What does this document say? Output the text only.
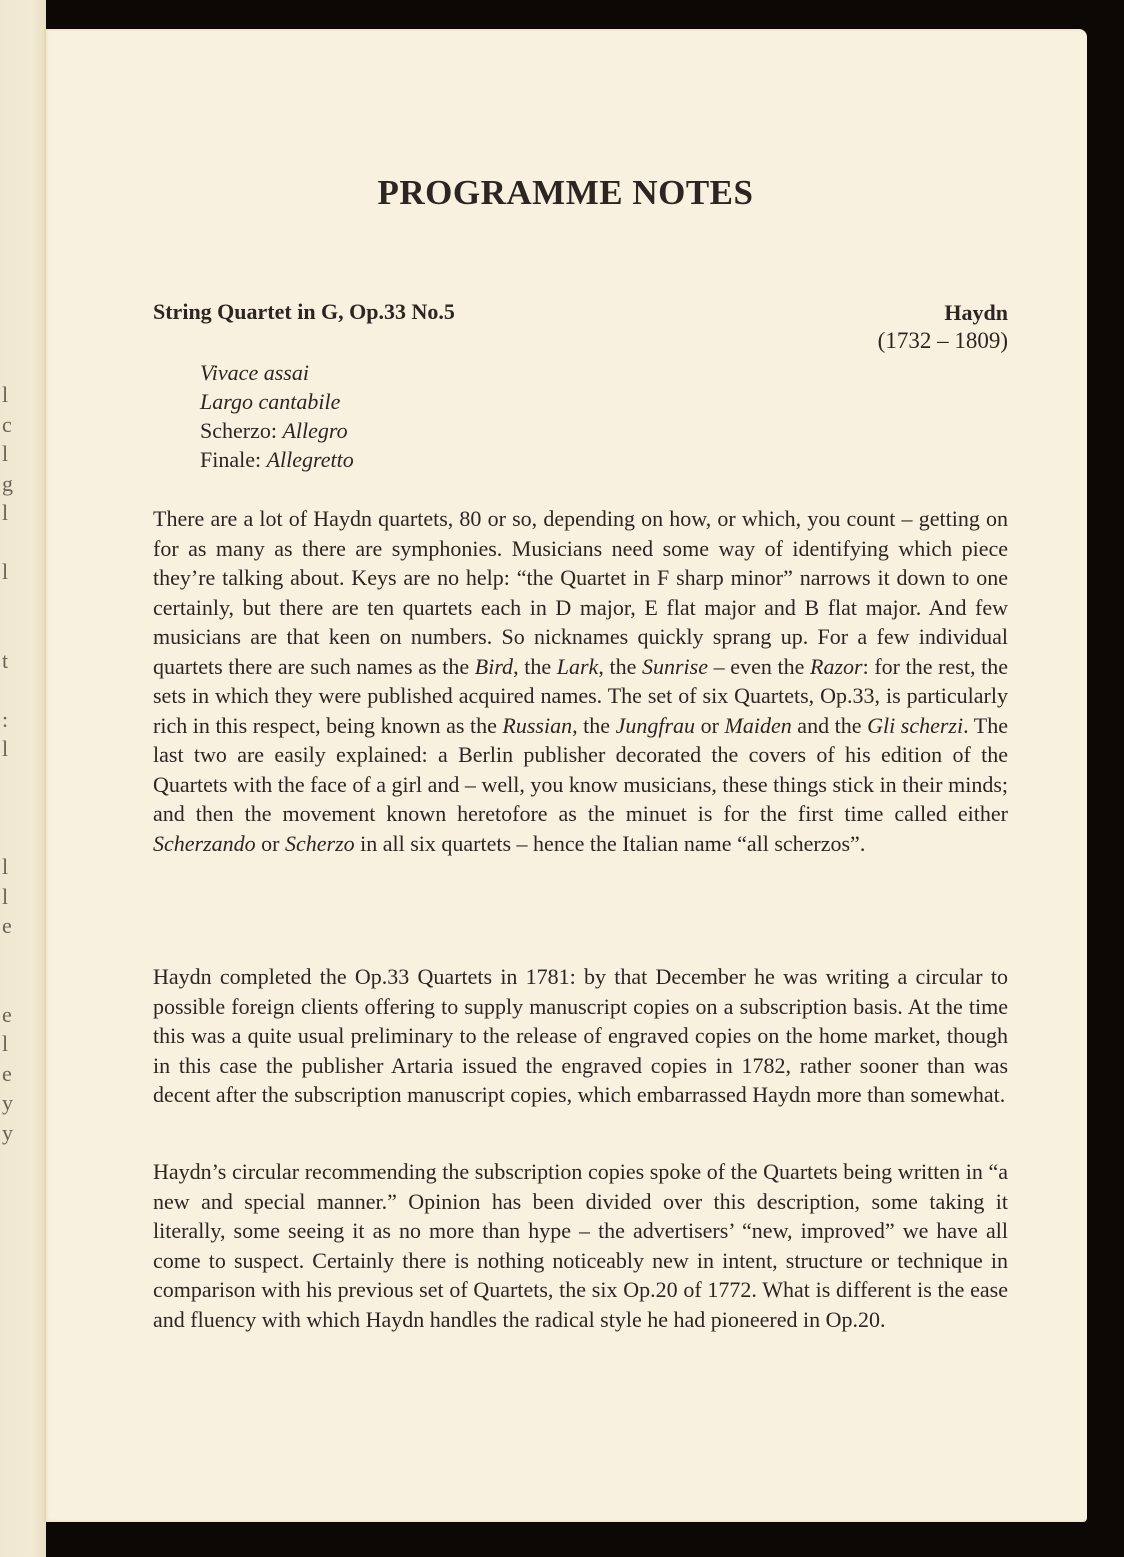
l
c
l
g
l

l

t

:
l

l
l
e

e
l
e
y
y
PROGRAMME NOTES
String Quartet in G, Op.33 No.5	Haydn
(1732 – 1809)
Vivace assai
Largo cantabile
Scherzo: Allegro
Finale: Allegretto

There are a lot of Haydn quartets, 80 or so, depending on how, or which, you count – getting on for as many as there are symphonies. Musicians need some way of identifying which piece they’re talking about. Keys are no help: “the Quartet in F sharp minor” narrows it down to one certainly, but there are ten quartets each in D major, E flat major and B flat major. And few musicians are that keen on numbers. So nicknames quickly sprang up. For a few individual quartets there are such names as the Bird, the Lark, the Sunrise – even the Razor: for the rest, the sets in which they were published acquired names. The set of six Quartets, Op.33, is particularly rich in this respect, being known as the Russian, the Jungfrau or Maiden and the Gli scherzi. The last two are easily explained: a Berlin publisher decorated the covers of his edition of the Quartets with the face of a girl and – well, you know musicians, these things stick in their minds; and then the movement known heretofore as the minuet is for the first time called either Scherzando or Scherzo in all six quartets – hence the Italian name “all scherzos”.

Haydn completed the Op.33 Quartets in 1781: by that December he was writing a circular to possible foreign clients offering to supply manuscript copies on a subscription basis. At the time this was a quite usual preliminary to the release of engraved copies on the home market, though in this case the publisher Artaria issued the engraved copies in 1782, rather sooner than was decent after the subscription manuscript copies, which embarrassed Haydn more than somewhat.

Haydn’s circular recommending the subscription copies spoke of the Quartets being written in “a new and special manner.” Opinion has been divided over this description, some taking it literally, some seeing it as no more than hype – the advertisers’ “new, improved” we have all come to suspect. Certainly there is nothing noticeably new in intent, structure or technique in comparison with his previous set of Quartets, the six Op.20 of 1772. What is different is the ease and fluency with which Haydn handles the radical style he had pioneered in Op.20.
